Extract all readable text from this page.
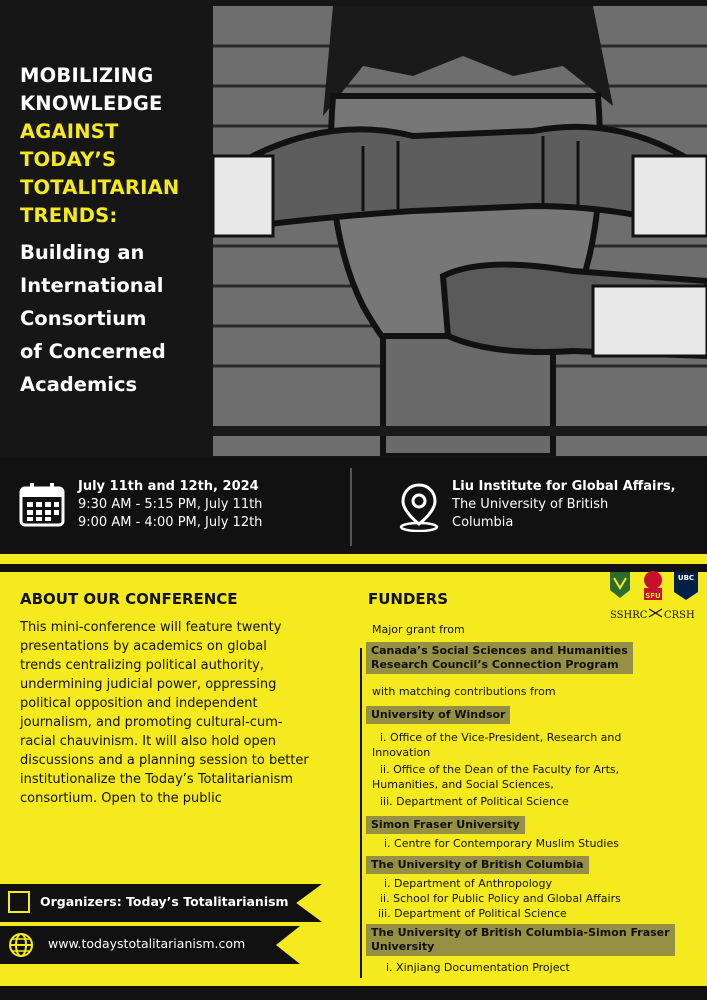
MOBILIZING
KNOWLEDGE
AGAINST
TODAY’S
TOTALITARIAN
TRENDS:
Building an
International
Consortium
of Concerned
Academics
July 11th and 12th, 2024
9:30 AM - 5:15 PM, July 11th
9:00 AM - 4:00 PM, July 12th
Liu Institute for Global Affairs,
The University of British
Columbia
ABOUT OUR CONFERENCE
This mini-conference will feature twenty presentations by academics on global trends centralizing political authority, undermining judicial power, oppressing political opposition and independent journalism, and promoting cultural-cum-racial chauvinism. It will also hold open discussions and a planning session to better institutionalize the Today’s Totalitarianism consortium. Open to the public
Organizers: Today’s Totalitarianism
www.todaystotalitarianism.com
FUNDERS	SFU
UBC
SSHRC CRSH
Major grant from
Canada’s Social Sciences and Humanities
Research Council’s Connection Program
with matching contributions from
University of Windsor
i. Office of the Vice-President, Research and
Innovation
ii. Office of the Dean of the Faculty for Arts,
Humanities, and Social Sciences,
iii. Department of Political Science
Simon Fraser University
i. Centre for Contemporary Muslim Studies
The University of British Columbia
i. Department of Anthropology
ii. School for Public Policy and Global Affairs
iii. Department of Political Science
The University of British Columbia-Simon Fraser
University
i. Xinjiang Documentation Project
